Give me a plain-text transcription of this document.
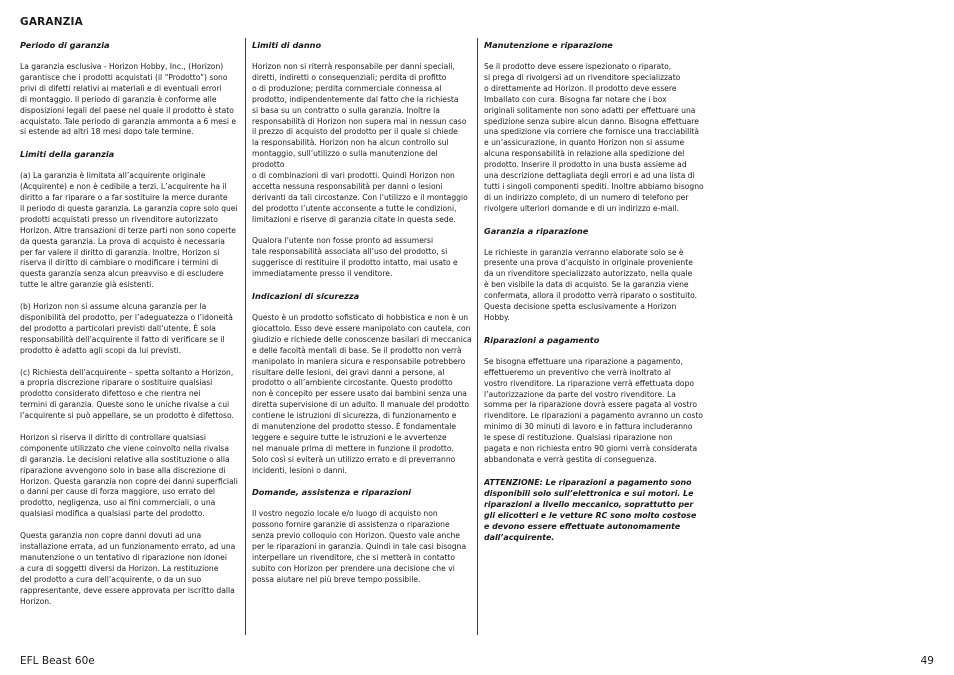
GARANZIA
Periodo di garanzia

La garanzia esclusiva - Horizon Hobby, Inc., (Horizon)
garantisce che i prodotti acquistati (il “Prodotto”) sono
privi di difetti relativi ai materiali e di eventuali errori
di montaggio. Il periodo di garanzia è conforme alle
disposizioni legali del paese nel quale il prodotto è stato
acquistato. Tale periodo di garanzia ammonta a 6 mesi e
si estende ad altri 18 mesi dopo tale termine.

Limiti della garanzia

(a) La garanzia è limitata all’acquirente originale
(Acquirente) e non è cedibile a terzi. L’acquirente ha il
diritto a far riparare o a far sostituire la merce durante
il periodo di questa garanzia. La garanzia copre solo quei
prodotti acquistati presso un rivenditore autorizzato
Horizon. Altre transazioni di terze parti non sono coperte
da questa garanzia. La prova di acquisto è necessaria
per far valere il diritto di garanzia. Inoltre, Horizon si
riserva il diritto di cambiare o modificare i termini di
questa garanzia senza alcun preavviso e di escludere
tutte le altre garanzie già esistenti.

(b) Horizon non si assume alcuna garanzia per la
disponibilità del prodotto, per l’adeguatezza o l’idoneità
del prodotto a particolari previsti dall’utente. È sola
responsabilità dell’acquirente il fatto di verificare se il
prodotto è adatto agli scopi da lui previsti.

(c) Richiesta dell’acquirente – spetta soltanto a Horizon,
a propria discrezione riparare o sostituire qualsiasi
prodotto considerato difettoso e che rientra nei
termini di garanzia. Queste sono le uniche rivalse a cui
l’acquirente si può appellare, se un prodotto è difettoso.

Horizon si riserva il diritto di controllare qualsiasi
componente utilizzato che viene coinvolto nella rivalsa
di garanzia. Le decisioni relative alla sostituzione o alla
riparazione avvengono solo in base alla discrezione di
Horizon. Questa garanzia non copre dei danni superficiali
o danni per cause di forza maggiore, uso errato del
prodotto, negligenza, uso ai fini commerciali, o una
qualsiasi modifica a qualsiasi parte del prodotto.

Questa garanzia non copre danni dovuti ad una
installazione errata, ad un funzionamento errato, ad una
manutenzione o un tentativo di riparazione non idonei
a cura di soggetti diversi da Horizon. La restituzione
del prodotto a cura dell’acquirente, o da un suo
rappresentante, deve essere approvata per iscritto dalla
Horizon.

Limiti di danno

Horizon non si riterrà responsabile per danni speciali,
diretti, indiretti o consequenziali; perdita di profitto
o di produzione; perdita commerciale connessa al
prodotto, indipendentemente dal fatto che la richiesta
si basa su un contratto o sulla garanzia. Inoltre la
responsabilità di Horizon non supera mai in nessun caso
il prezzo di acquisto del prodotto per il quale si chiede
la responsabilità. Horizon non ha alcun controllo sul
montaggio, sull’utilizzo o sulla manutenzione del prodotto
o di combinazioni di vari prodotti. Quindi Horizon non
accetta nessuna responsabilità per danni o lesioni
derivanti da tali circostanze. Con l’utilizzo e il montaggio
del prodotto l’utente acconsente a tutte le condizioni,
limitazioni e riserve di garanzia citate in questa sede.

Qualora l’utente non fosse pronto ad assumersi
tale responsabilità associata all’uso del prodotto, si
suggerisce di restituire il prodotto intatto, mai usato e
immediatamente presso il venditore.

Indicazioni di sicurezza

Questo è un prodotto sofisticato di hobbistica e non è un
giocattolo. Esso deve essere manipolato con cautela, con
giudizio e richiede delle conoscenze basilari di meccanica
e delle facoltà mentali di base. Se il prodotto non verrà
manipolato in maniera sicura e responsabile potrebbero
risultare delle lesioni, dei gravi danni a persone, al
prodotto o all’ambiente circostante. Questo prodotto
non è concepito per essere usato dai bambini senza una
diretta supervisione di un adulto. Il manuale del prodotto
contiene le istruzioni di sicurezza, di funzionamento e
di manutenzione del prodotto stesso. È fondamentale
leggere e seguire tutte le istruzioni e le avvertenze
nel manuale prima di mettere in funzione il prodotto.
Solo così si eviterà un utilizzo errato e di preverranno
incidenti, lesioni o danni.

Domande, assistenza e riparazioni

Il vostro negozio locale e/o luogo di acquisto non
possono fornire garanzie di assistenza o riparazione
senza previo colloquio con Horizon. Questo vale anche
per le riparazioni in garanzia. Quindi in tale casi bisogna
interpellare un rivenditore, che si metterà in contatto
subito con Horizon per prendere una decisione che vi
possa aiutare nel più breve tempo possibile.

Manutenzione e riparazione

Se il prodotto deve essere ispezionato o riparato,
si prega di rivolgersi ad un rivenditore specializzato
o direttamente ad Horizon. Il prodotto deve essere
Imballato con cura. Bisogna far notare che i box
originali solitamente non sono adatti per effettuare una
spedizione senza subire alcun danno. Bisogna effettuare
una spedizione via corriere che fornisce una tracciabilità
e un’assicurazione, in quanto Horizon non si assume
alcuna responsabilità in relazione alla spedizione del
prodotto. Inserire il prodotto in una busta assieme ad
una descrizione dettagliata degli errori e ad una lista di
tutti i singoli componenti spediti. Inoltre abbiamo bisogno
di un indirizzo completo, di un numero di telefono per
rivolgere ulteriori domande e di un indirizzo e-mail.

Garanzia a riparazione

Le richieste in garanzia verranno elaborate solo se è
presente una prova d’acquisto in originale proveniente
da un rivenditore specializzato autorizzato, nella quale
è ben visibile la data di acquisto. Se la garanzia viene
confermata, allora il prodotto verrà riparato o sostituito.
Questa decisione spetta esclusivamente a Horizon
Hobby.

Riparazioni a pagamento

Se bisogna effettuare una riparazione a pagamento,
effettueremo un preventivo che verrà inoltrato al
vostro rivenditore. La riparazione verrà effettuata dopo
l’autorizzazione da parte del vostro rivenditore. La
somma per la riparazione dovrà essere pagata al vostro
rivenditore. Le riparazioni a pagamento avranno un costo
minimo di 30 minuti di lavoro e in fattura includeranno
le spese di restituzione. Qualsiasi riparazione non
pagata e non richiesta entro 90 giorni verrà considerata
abbandonata e verrà gestita di conseguenza.

ATTENZIONE: Le riparazioni a pagamento sono
disponibili solo sull’elettronica e sui motori. Le
riparazioni a livello meccanico, soprattutto per
gli elicotteri e le vetture RC sono molto costose
e devono essere effettuate autonomamente
dall’acquirente.

EFL Beast 60e	49
